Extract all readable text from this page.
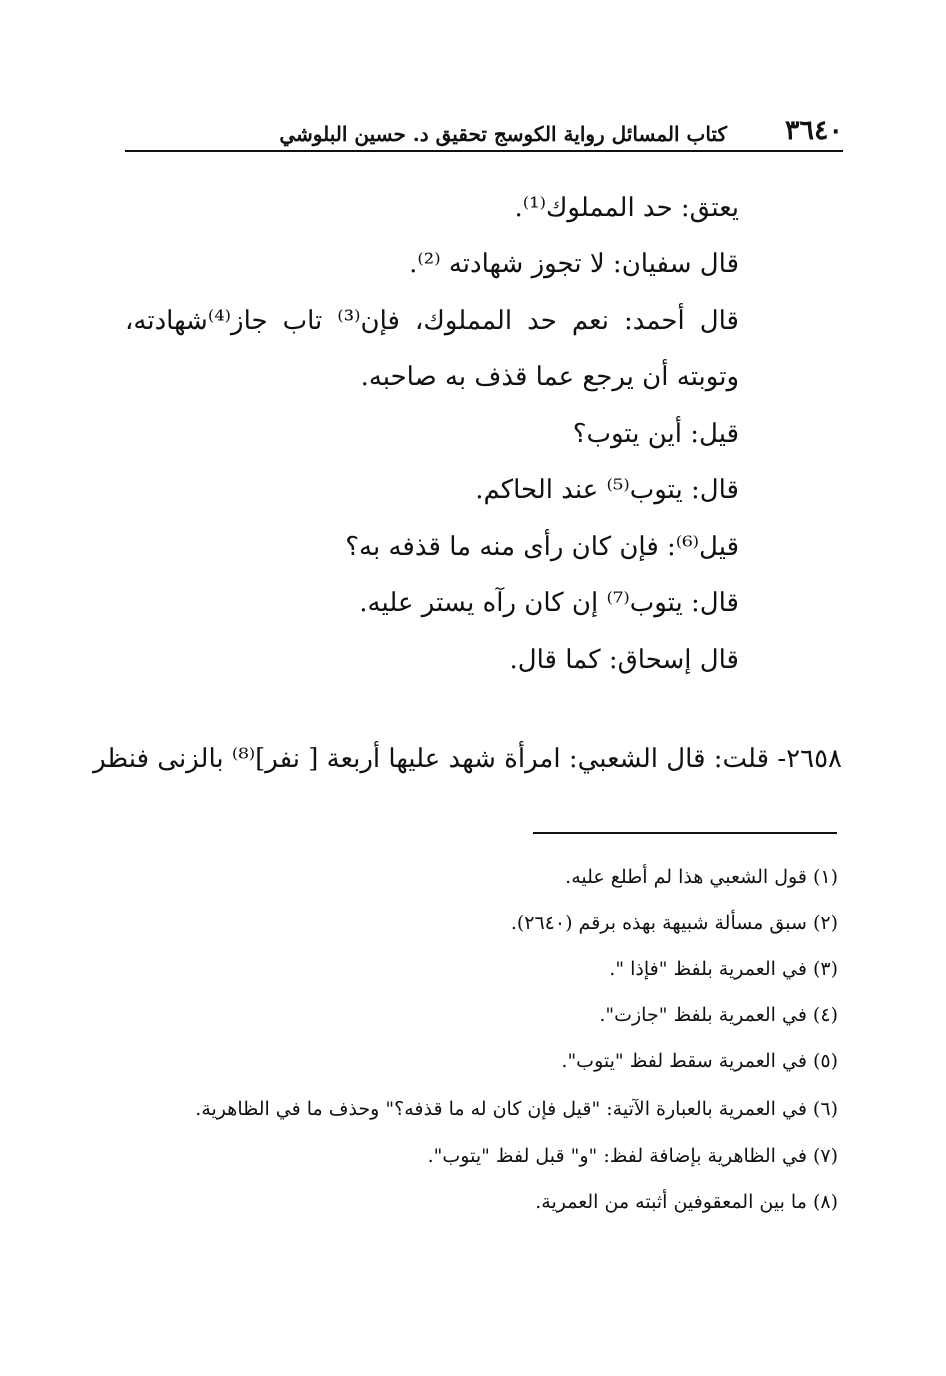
٣٦٤٠
كتاب المسائل رواية الكوسج تحقيق د. حسين البلوشي
يعتق: حد المملوك⁽¹⁾.
قال سفيان: لا تجوز شهادته ⁽²⁾.
قال أحمد: نعم حد المملوك، فإن⁽³⁾ تاب جاز⁽⁴⁾شهادته،
وتوبته أن يرجع عما قذف به صاحبه.
قيل: أين يتوب؟
قال: يتوب⁽⁵⁾ عند الحاكم.
قيل⁽⁶⁾: فإن كان رأى منه ما قذفه به؟
قال: يتوب⁽⁷⁾ إن كان رآه يستر عليه.
قال إسحاق: كما قال.
٢٦٥٨- قلت: قال الشعبي: امرأة شهد عليها أربعة [ نفر]⁽⁸⁾ بالزنى فنظر
(١) قول الشعبي هذا لم أطلع عليه.
(٢) سبق مسألة شبيهة بهذه برقم (٢٦٤٠).
(٣) في العمرية بلفظ "فإذا ".
(٤) في العمرية بلفظ "جازت".
(٥) في العمرية سقط لفظ "يتوب".
(٦) في العمرية بالعبارة الآتية: "قيل فإن كان له ما قذفه؟" وحذف ما في الظاهرية.
(٧) في الظاهرية بإضافة لفظ: "و" قبل لفظ "يتوب".
(٨) ما بين المعقوفين أثبته من العمرية.
